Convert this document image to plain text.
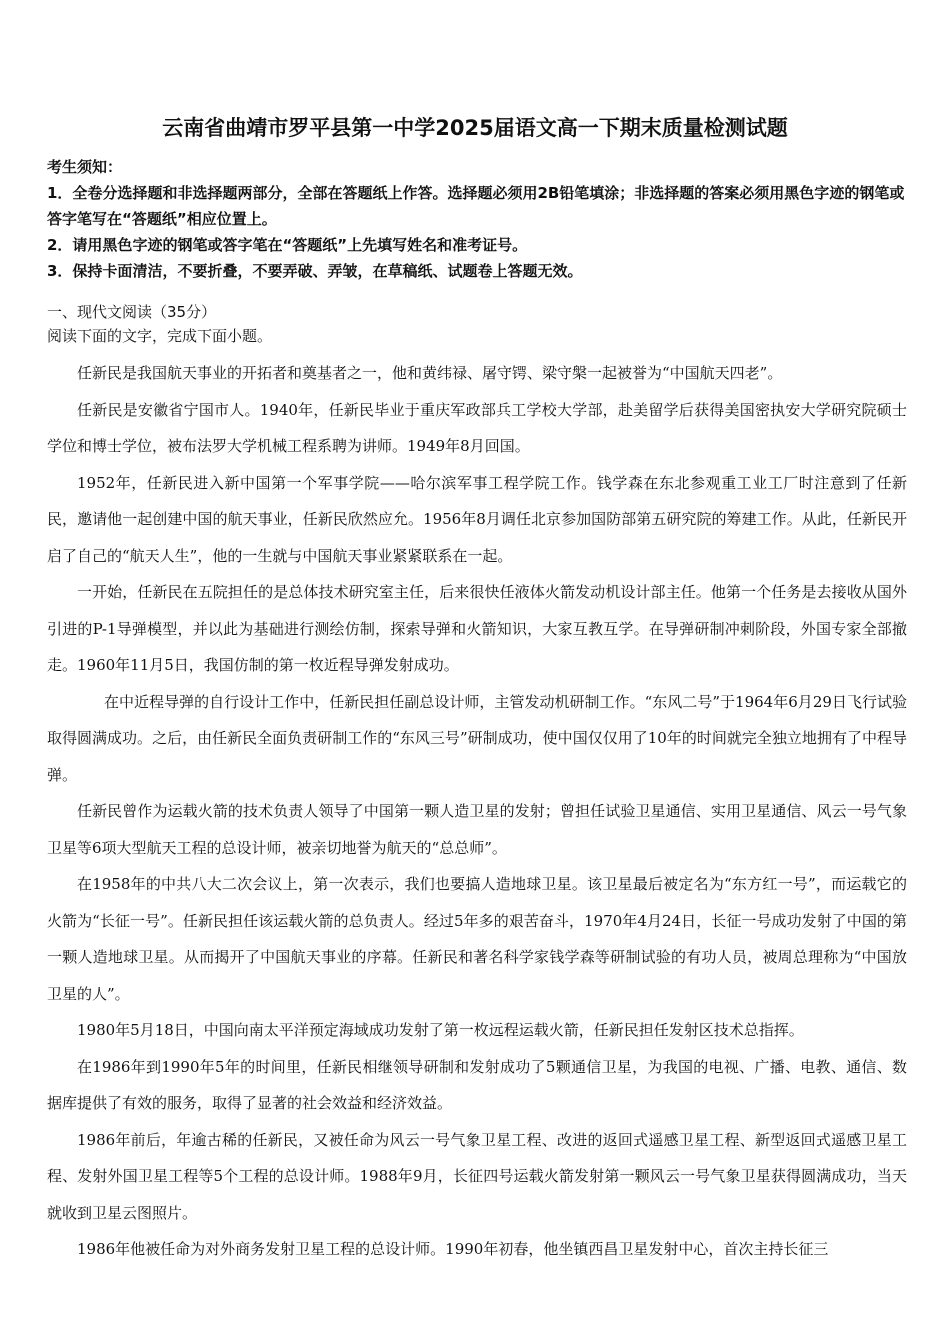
云南省曲靖市罗平县第一中学2025届语文高一下期末质量检测试题

考生须知：

1．全卷分选择题和非选择题两部分，全部在答题纸上作答。选择题必须用2B铅笔填涂；非选择题的答案必须用黑色字迹的钢笔或答字笔写在“答题纸”相应位置上。

2．请用黑色字迹的钢笔或答字笔在“答题纸”上先填写姓名和准考证号。

3．保持卡面清洁，不要折叠，不要弄破、弄皱，在草稿纸、试题卷上答题无效。

一、现代文阅读（35分）
阅读下面的文字，完成下面小题。

任新民是我国航天事业的开拓者和奠基者之一，他和黄纬禄、屠守锷、梁守槃一起被誉为“中国航天四老”。

任新民是安徽省宁国市人。1940年，任新民毕业于重庆军政部兵工学校大学部，赴美留学后获得美国密执安大学研究院硕士学位和博士学位，被布法罗大学机械工程系聘为讲师。1949年8月回国。

1952年，任新民进入新中国第一个军事学院——哈尔滨军事工程学院工作。钱学森在东北参观重工业工厂时注意到了任新民，邀请他一起创建中国的航天事业，任新民欣然应允。1956年8月调任北京参加国防部第五研究院的筹建工作。从此，任新民开启了自己的“航天人生”，他的一生就与中国航天事业紧紧联系在一起。

一开始，任新民在五院担任的是总体技术研究室主任，后来很快任液体火箭发动机设计部主任。他第一个任务是去接收从国外引进的P-1导弹模型，并以此为基础进行测绘仿制，探索导弹和火箭知识，大家互教互学。在导弹研制冲刺阶段，外国专家全部撤走。1960年11月5日，我国仿制的第一枚近程导弹发射成功。

在中近程导弹的自行设计工作中，任新民担任副总设计师，主管发动机研制工作。“东风二号”于1964年6月29日飞行试验取得圆满成功。之后，由任新民全面负责研制工作的“东风三号”研制成功，使中国仅仅用了10年的时间就完全独立地拥有了中程导弹。

任新民曾作为运载火箭的技术负责人领导了中国第一颗人造卫星的发射；曾担任试验卫星通信、实用卫星通信、风云一号气象卫星等6项大型航天工程的总设计师，被亲切地誉为航天的“总总师”。

在1958年的中共八大二次会议上，第一次表示，我们也要搞人造地球卫星。该卫星最后被定名为“东方红一号”，而运载它的火箭为“长征一号”。任新民担任该运载火箭的总负责人。经过5年多的艰苦奋斗，1970年4月24日，长征一号成功发射了中国的第一颗人造地球卫星。从而揭开了中国航天事业的序幕。任新民和著名科学家钱学森等研制试验的有功人员，被周总理称为“中国放卫星的人”。

1980年5月18日，中国向南太平洋预定海域成功发射了第一枚远程运载火箭，任新民担任发射区技术总指挥。

在1986年到1990年5年的时间里，任新民相继领导研制和发射成功了5颗通信卫星，为我国的电视、广播、电教、通信、数据库提供了有效的服务，取得了显著的社会效益和经济效益。

1986年前后，年逾古稀的任新民，又被任命为风云一号气象卫星工程、改进的返回式遥感卫星工程、新型返回式遥感卫星工程、发射外国卫星工程等5个工程的总设计师。1988年9月，长征四号运载火箭发射第一颗风云一号气象卫星获得圆满成功，当天就收到卫星云图照片。

1986年他被任命为对外商务发射卫星工程的总设计师。1990年初春，他坐镇西昌卫星发射中心，首次主持长征三
